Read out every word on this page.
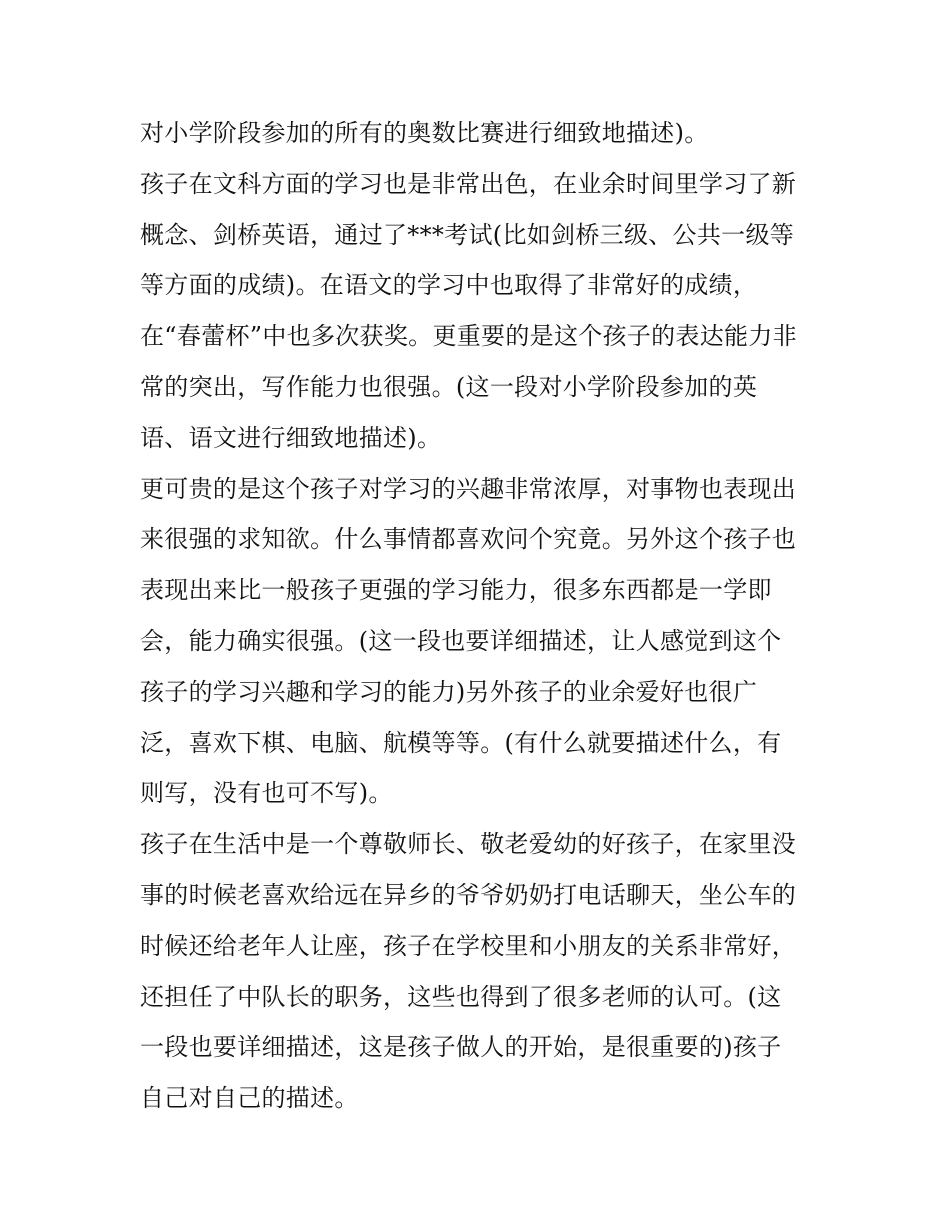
对小学阶段参加的所有的奥数比赛进行细致地描述)。
孩子在文科方面的学习也是非常出色，在业余时间里学习了新
概念、剑桥英语，通过了***考试(比如剑桥三级、公共一级等
等方面的成绩)。在语文的学习中也取得了非常好的成绩，
在“春蕾杯”中也多次获奖。更重要的是这个孩子的表达能力非
常的突出，写作能力也很强。(这一段对小学阶段参加的英
语、语文进行细致地描述)。
更可贵的是这个孩子对学习的兴趣非常浓厚，对事物也表现出
来很强的求知欲。什么事情都喜欢问个究竟。另外这个孩子也
表现出来比一般孩子更强的学习能力，很多东西都是一学即
会，能力确实很强。(这一段也要详细描述，让人感觉到这个
孩子的学习兴趣和学习的能力)另外孩子的业余爱好也很广
泛，喜欢下棋、电脑、航模等等。(有什么就要描述什么，有
则写，没有也可不写)。
孩子在生活中是一个尊敬师长、敬老爱幼的好孩子，在家里没
事的时候老喜欢给远在异乡的爷爷奶奶打电话聊天，坐公车的
时候还给老年人让座，孩子在学校里和小朋友的关系非常好，
还担任了中队长的职务，这些也得到了很多老师的认可。(这
一段也要详细描述，这是孩子做人的开始，是很重要的)孩子
自己对自己的描述。
